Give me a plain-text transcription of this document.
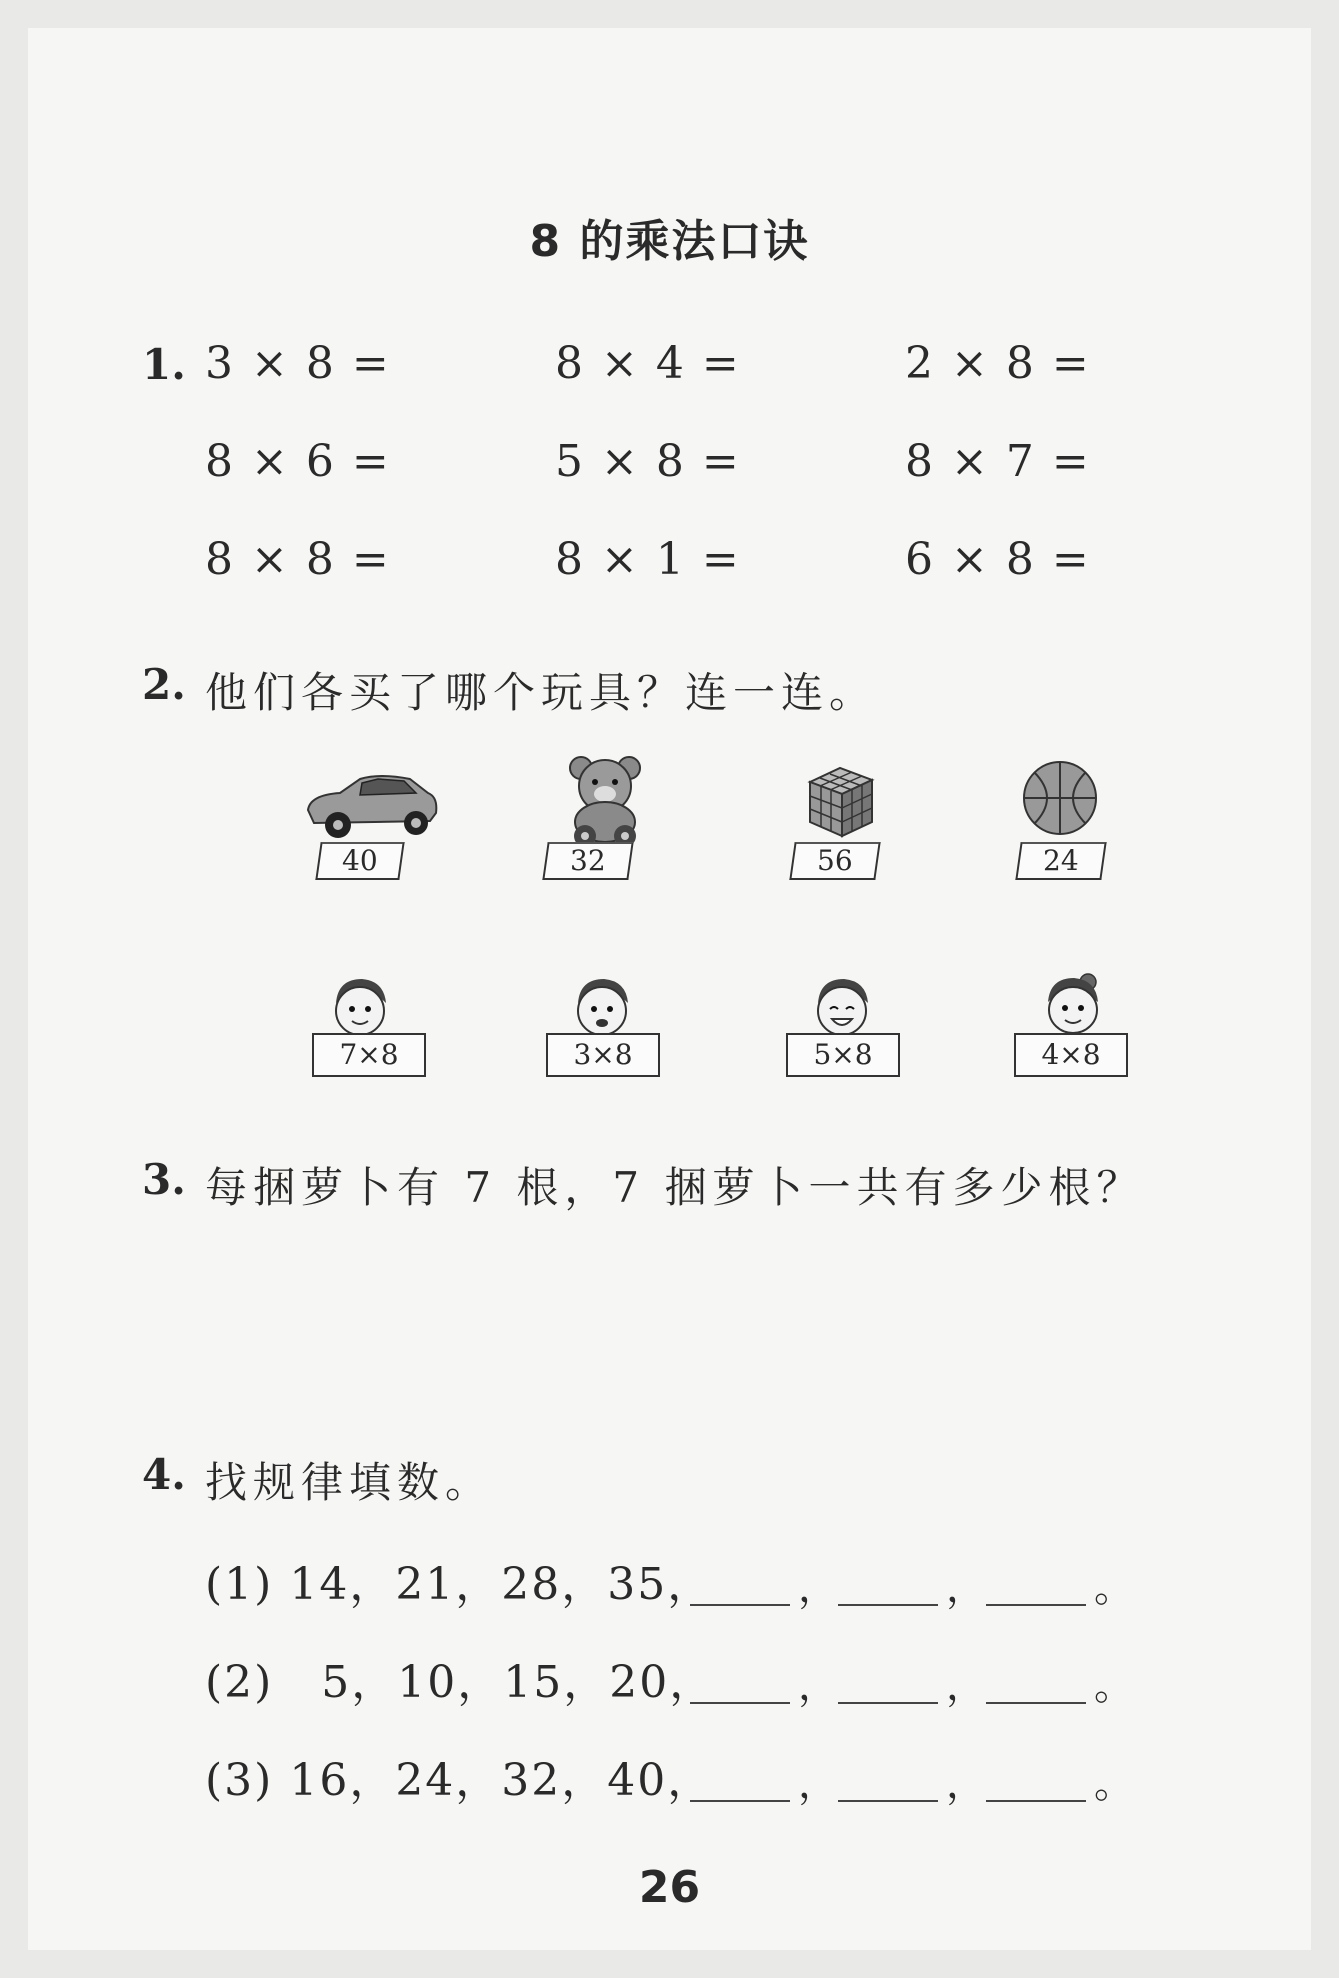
8 的乘法口诀
1. 3 × 8 =	8 × 4 =	2 × 8 =
8 × 6 =	5 × 8 =	8 × 7 =
8 × 8 =	8 × 1 =	6 × 8 =
2. 他们各买了哪个玩具？连一连。
40	32	56	24
7×8	3×8	5×8	4×8
3. 每捆萝卜有 7 根，7 捆萝卜一共有多少根？
4. 找规律填数。
(1) 14，21，28，35， ，	，	。
(2) 5，10，15，20， ，	，	。
(3) 16，24，32，40， ，	，	。
26
